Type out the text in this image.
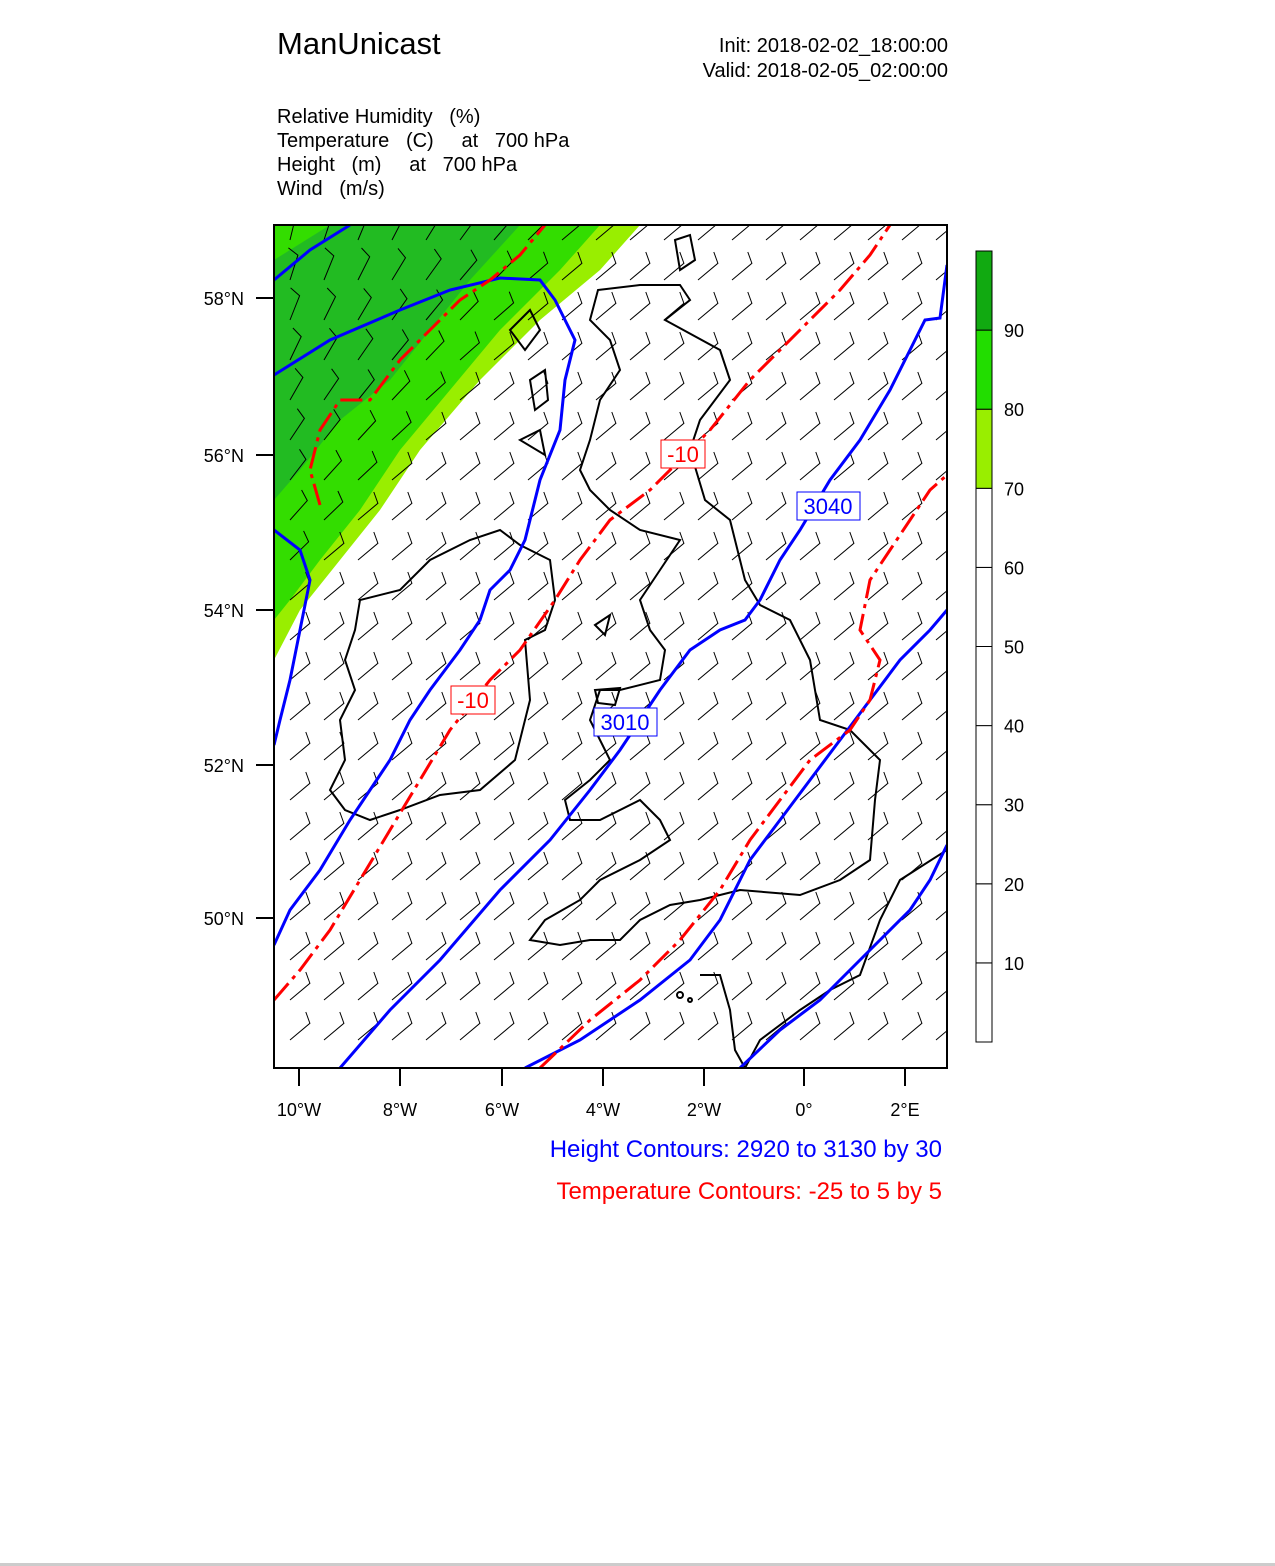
ManUnicast	Init: 2018-02-02_18:00:00
Valid: 2018-02-05_02:00:00
Relative Humidity   (%)
Temperature   (C)     at   700 hPa
Height   (m)     at   700 hPa
Wind   (m/s)
58°N
56°N
54°N
52°N
50°N
10°W	8°W	6°W	4°W	2°W	0°	2°E
-10
-10
3040
3010
90
80
70
60
50
40
30
20
10
Height Contours: 2920 to 3130 by 30
Temperature Contours: -25 to 5 by 5
